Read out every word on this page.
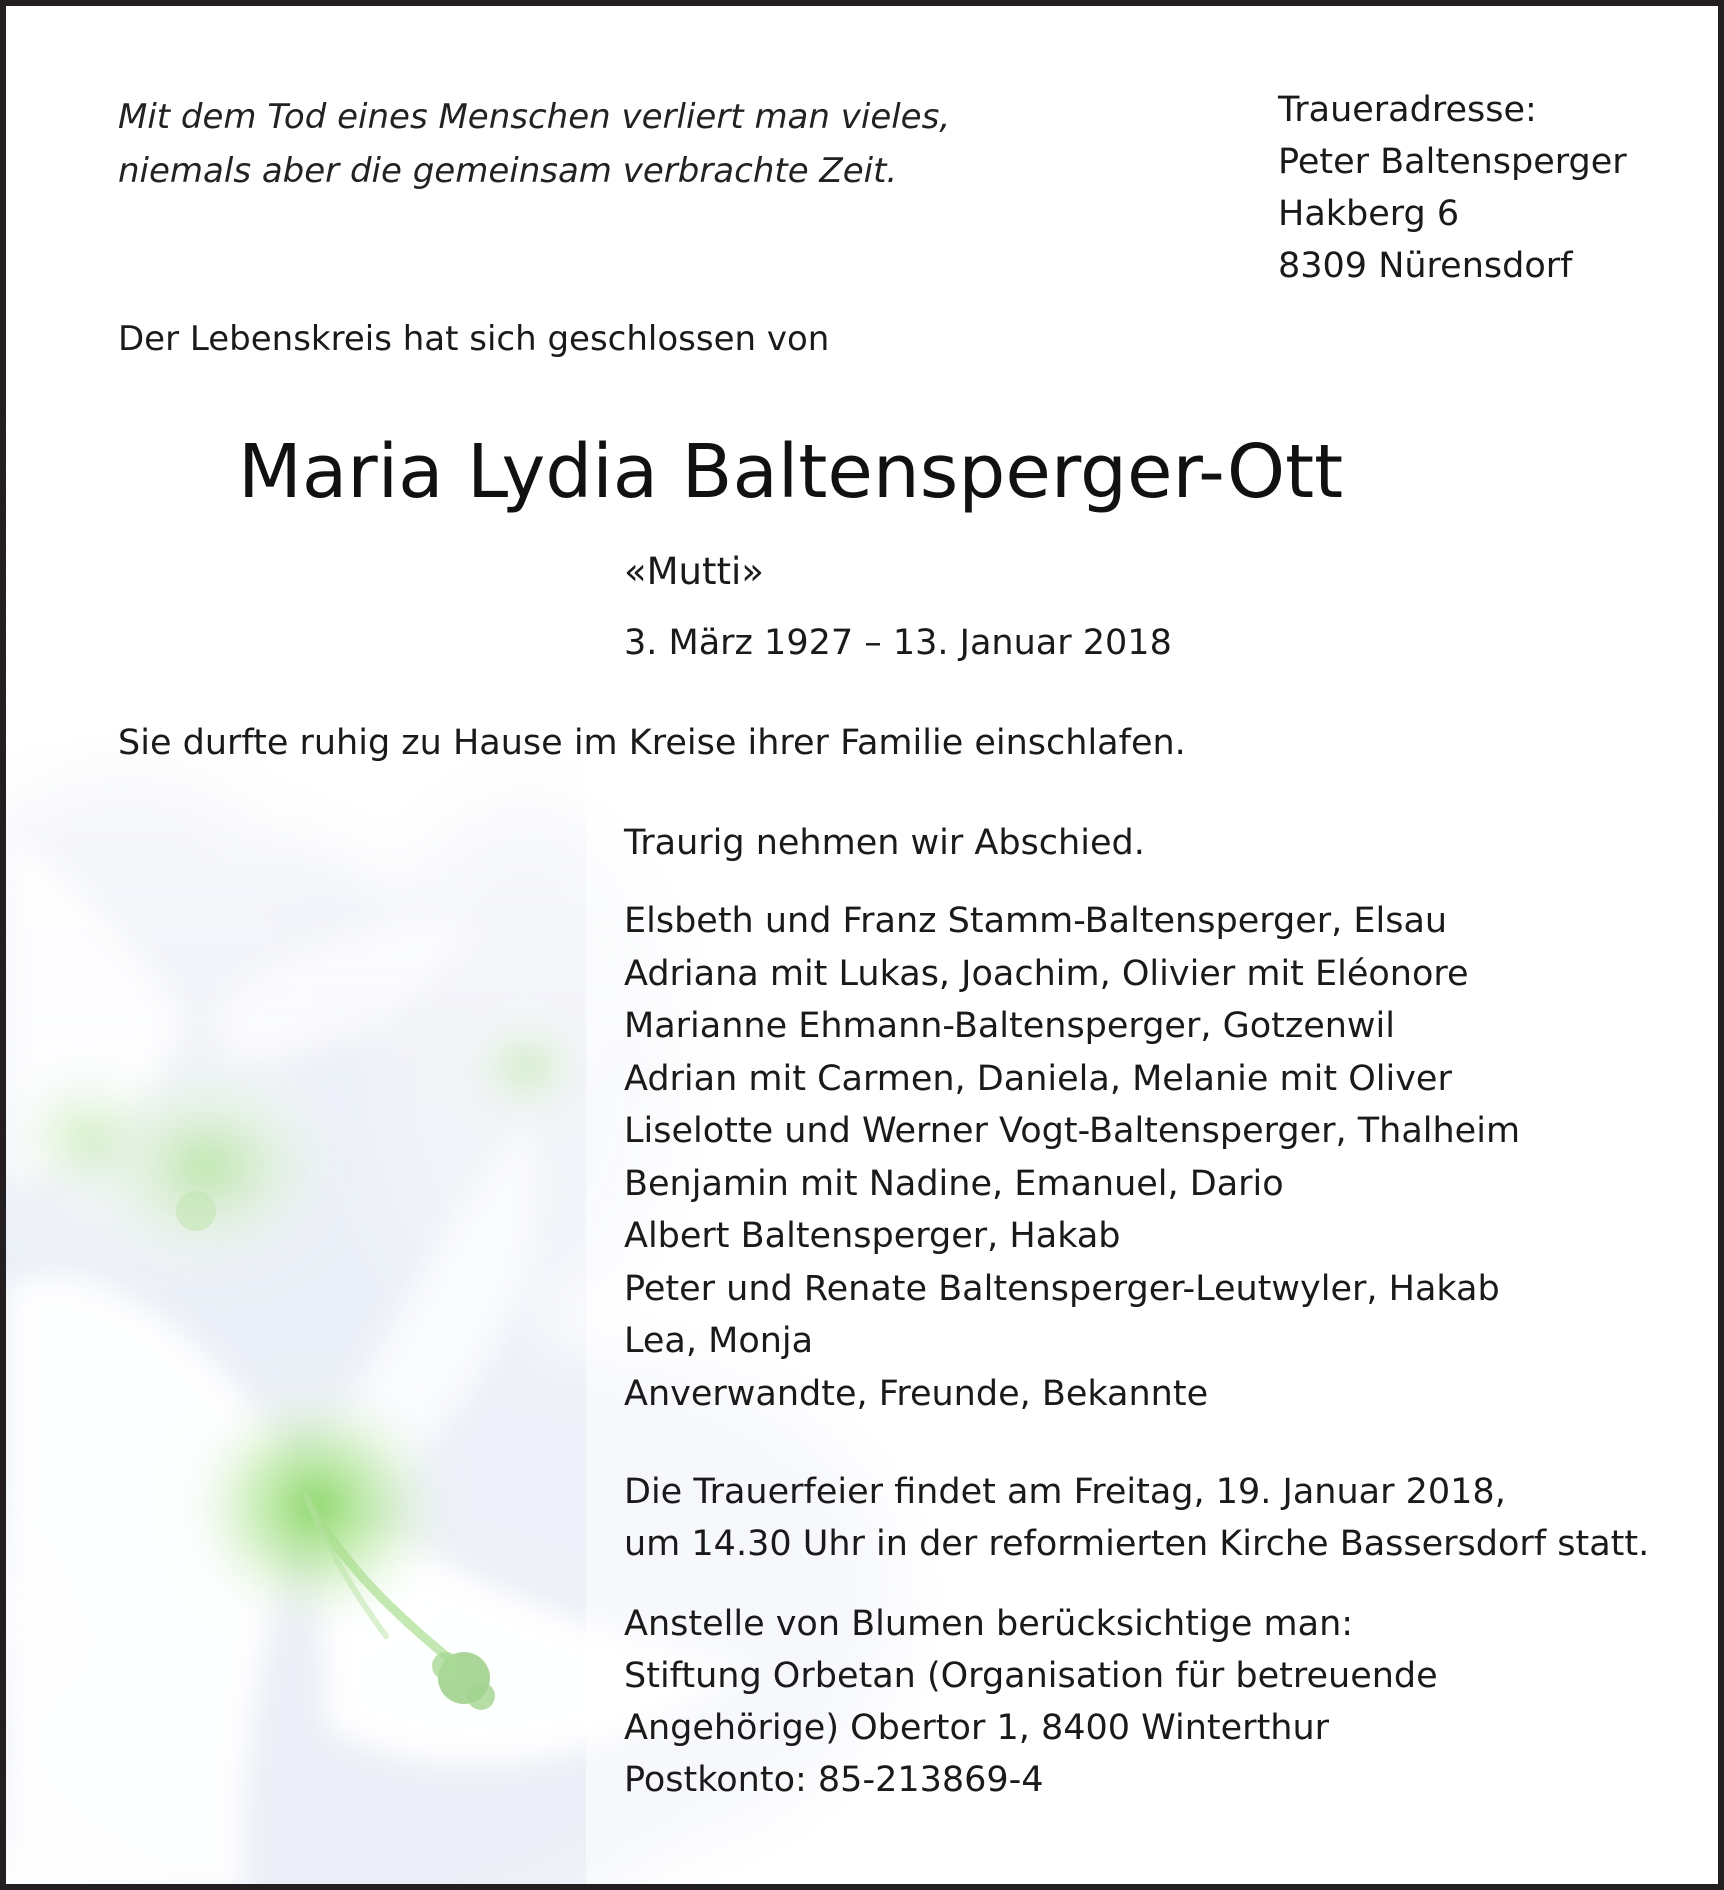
Mit dem Tod eines Menschen verliert man vieles,
niemals aber die gemeinsam verbrachte Zeit.
Traueradresse:
Peter Baltensperger
Hakberg 6
8309 Nürensdorf
Der Lebenskreis hat sich geschlossen von
Maria Lydia Baltensperger-Ott
«Mutti»
3. März 1927 – 13. Januar 2018
Sie durfte ruhig zu Hause im Kreise ihrer Familie einschlafen.
Traurig nehmen wir Abschied.
Elsbeth und Franz Stamm-Baltensperger, Elsau
Adriana mit Lukas, Joachim, Olivier mit Eléonore
Marianne Ehmann-Baltensperger, Gotzenwil
Adrian mit Carmen, Daniela, Melanie mit Oliver
Liselotte und Werner Vogt-Baltensperger, Thalheim
Benjamin mit Nadine, Emanuel, Dario
Albert Baltensperger, Hakab
Peter und Renate Baltensperger-Leutwyler, Hakab
Lea, Monja
Anverwandte, Freunde, Bekannte
Die Trauerfeier findet am Freitag, 19. Januar 2018,
um 14.30 Uhr in der reformierten Kirche Bassersdorf statt.
Anstelle von Blumen berücksichtige man:
Stiftung Orbetan (Organisation für betreuende
Angehörige) Obertor 1, 8400 Winterthur
Postkonto: 85-213869-4
